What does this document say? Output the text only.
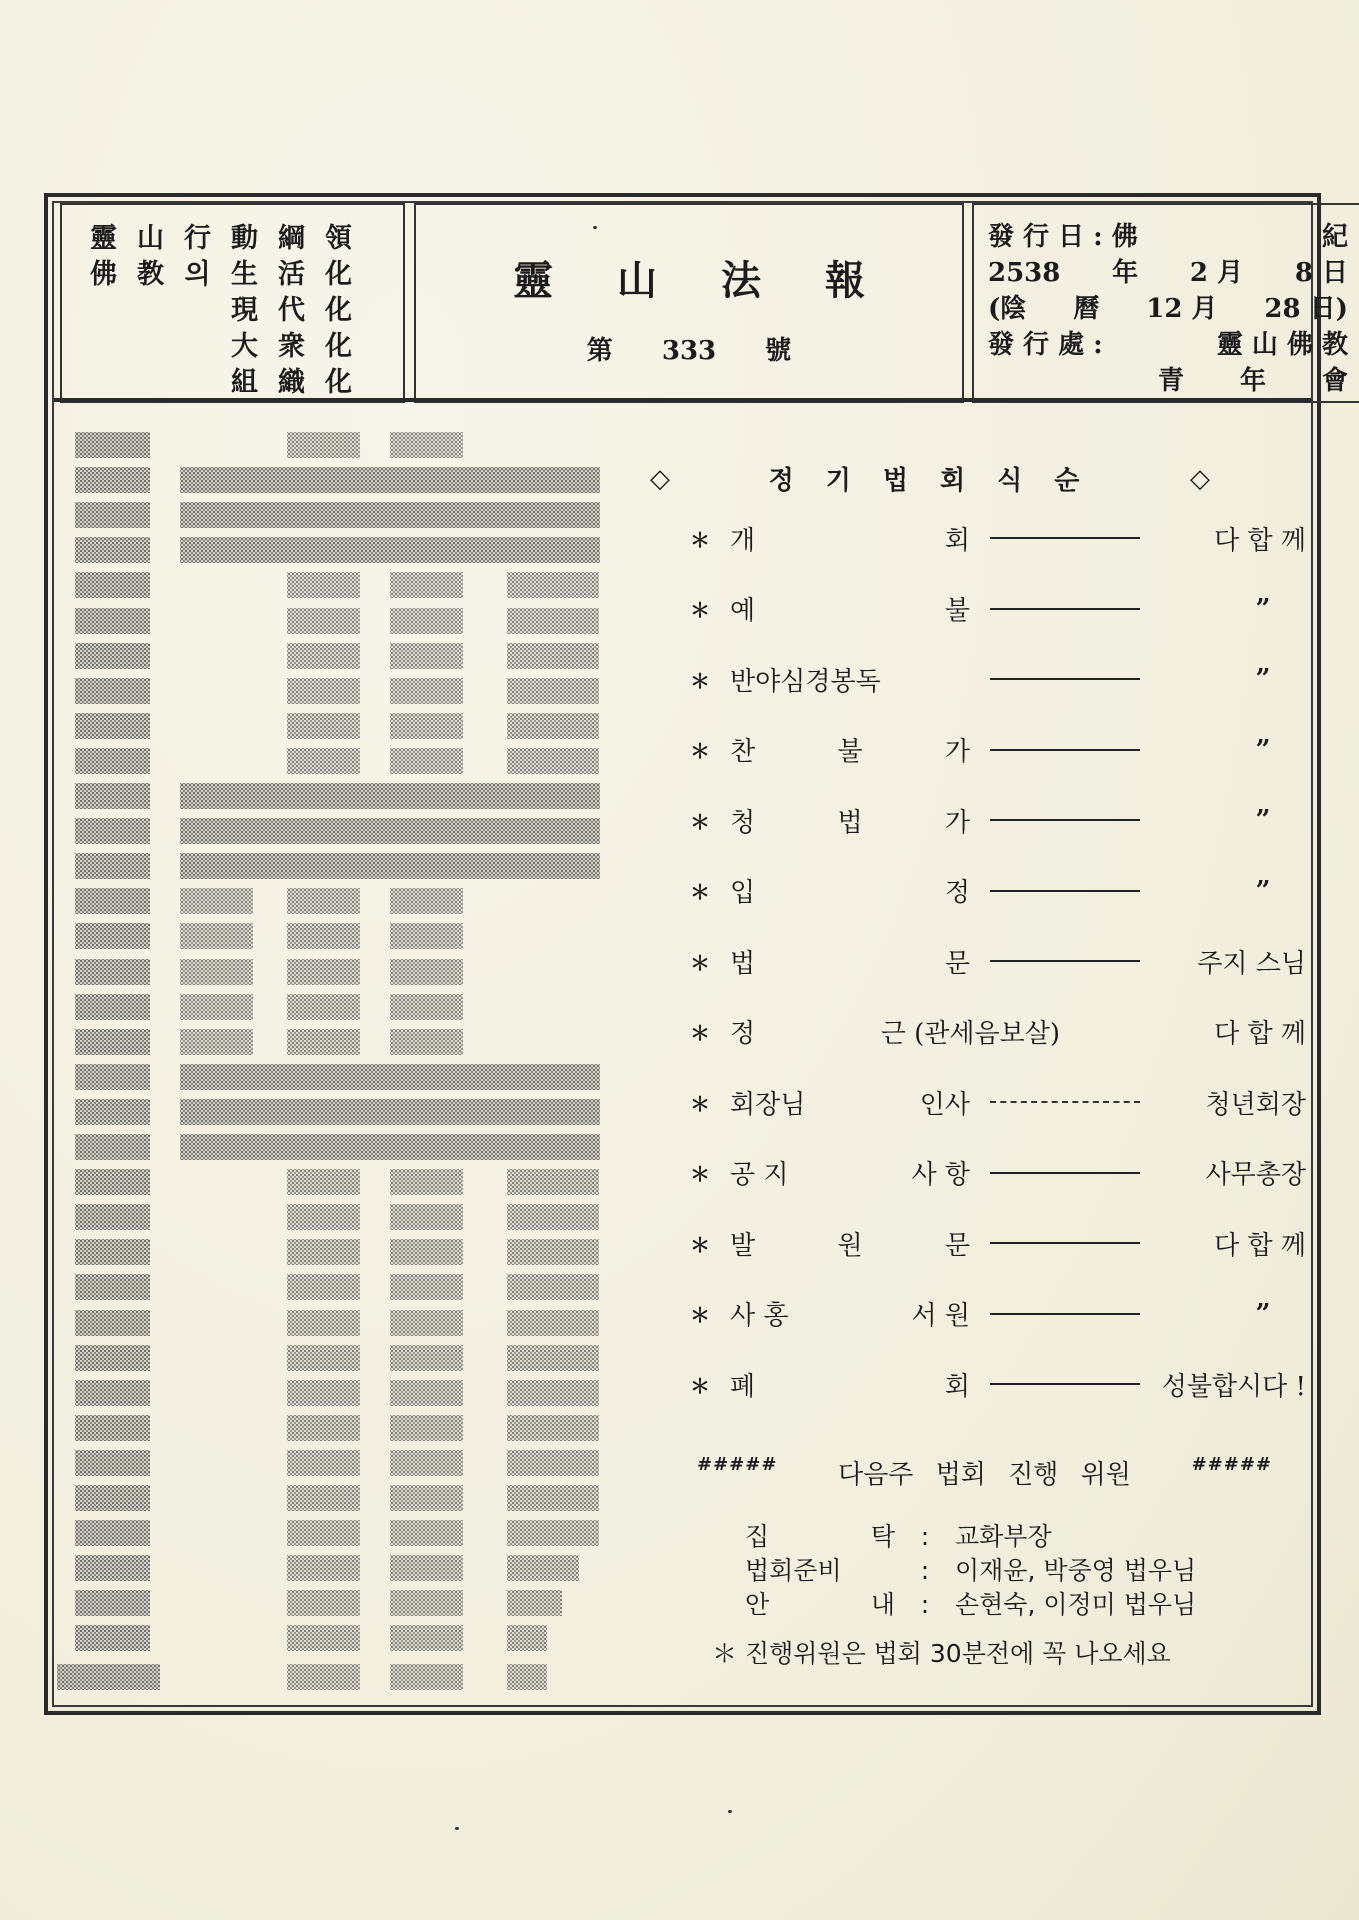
靈 山 行 動 綱 領
佛 教 의 生 活 化
現 代 化
大 衆 化
組 織 化
靈山法報
第 333 號
發 行 日 : 佛	紀
2538 年 2 月 8 日
(陰 曆 12 月 28 日)
發 行 處 :	靈 山 佛 教
青 年 會
◇	정기법회식순	◇
＊ 개	회	다 합 께
＊ 예	불	”
＊ 반야심경봉독	”
＊ 찬	불	가	”
＊ 청	법	가	”
＊ 입	정	”
＊ 법	문	주지 스님
＊ 정	근 (관세음보살)	다 합 께
＊ 회장님	인사	청년회장
＊ 공 지	사 항	사무총장
＊ 발	원	문	다 합 께
＊ 사 홍	서 원	”
＊ 폐	회	성불합시다 !
##### 다음주 법회 진행 위원	#####
집	탁	:	교화부장
법회준비	:	이재윤, 박중영 법우님
안	내	:	손현숙, 이정미 법우님
＊ 진행위원은 법회 30분전에 꼭 나오세요
